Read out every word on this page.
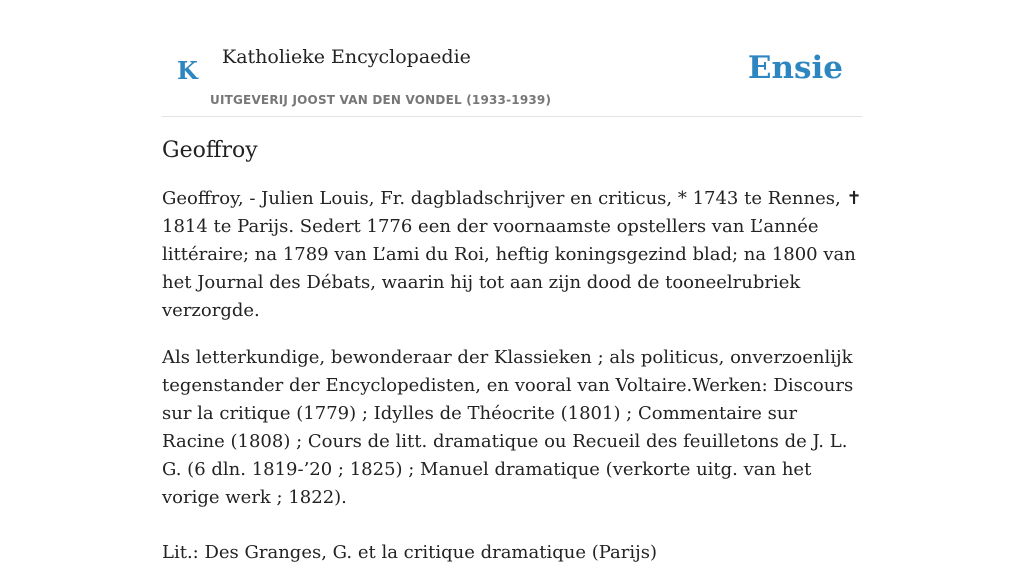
K Katholieke Encyclopaedie
UITGEVERIJ JOOST VAN DEN VONDEL (1933-1939)
Ensie
Geoffroy

Geoffroy, - Julien Louis, Fr. dagbladschrijver en criticus, * 1743 te Rennes, ✝ 1814 te Parijs. Sedert 1776 een der voornaamste opstellers van L’année littéraire; na 1789 van L’ami du Roi, heftig koningsgezind blad; na 1800 van het Journal des Débats, waarin hij tot aan zijn dood de tooneelrubriek verzorgde.

Als letterkundige, bewonderaar der Klassieken ; als politicus, onverzoenlijk tegenstander der Encyclopedisten, en vooral van Voltaire.Werken: Discours sur la critique (1779) ; Idylles de Théocrite (1801) ; Commentaire sur Racine (1808) ; Cours de litt. dramatique ou Recueil des feuilletons de J. L. G. (6 dln. 1819-’20 ; 1825) ; Manuel dramatique (verkorte uitg. van het vorige werk ; 1822).

Lit.: Des Granges, G. et la critique dramatique (Parijs)
